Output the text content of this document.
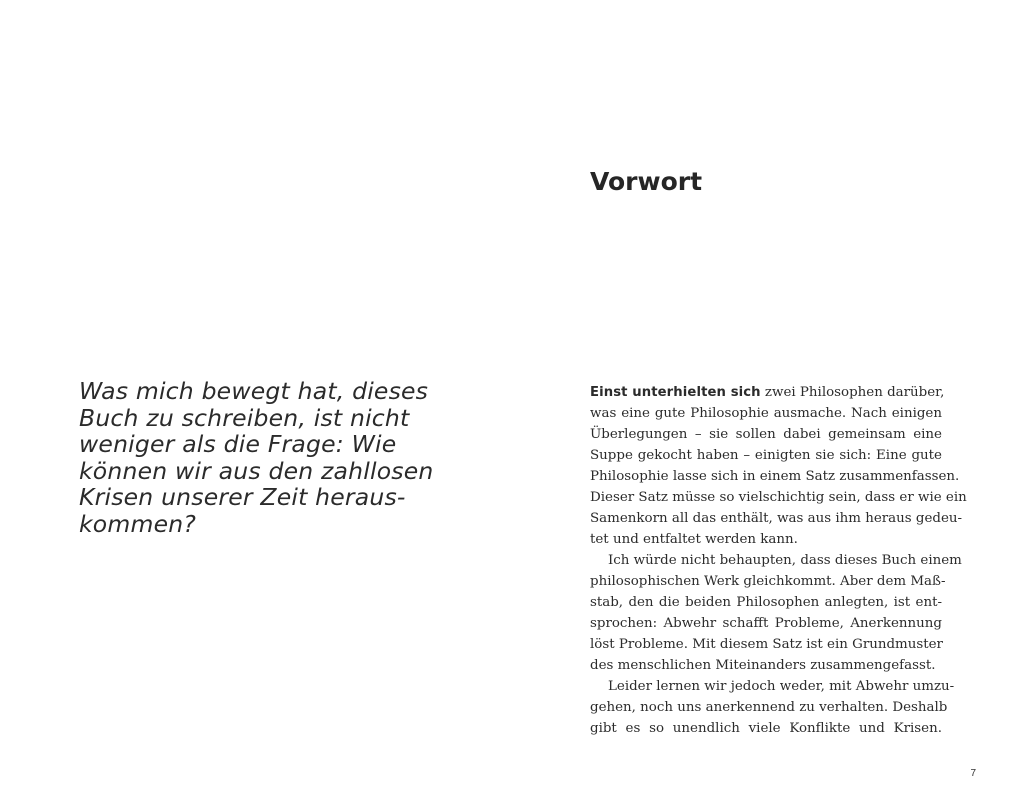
Was mich bewegt hat, dieses
Buch zu schreiben, ist nicht
weniger als die Frage: Wie
können wir aus den zahllosen
Krisen unserer Zeit heraus-
kommen?

Vorwort
Einst unterhielten sich zwei Philosophen darüber,
was eine gute Philosophie ausmache. Nach einigen
Überlegungen – sie sollen dabei gemeinsam eine
Suppe gekocht haben – einigten sie sich: Eine gute
Philosophie lasse sich in einem Satz zusammenfassen.
Dieser Satz müsse so vielschichtig sein, dass er wie ein
Samenkorn all das enthält, was aus ihm heraus gedeu-
tet und entfaltet werden kann.
Ich würde nicht behaupten, dass dieses Buch einem
philosophischen Werk gleichkommt. Aber dem Maß-
stab, den die beiden Philosophen anlegten, ist ent-
sprochen: Abwehr schafft Probleme, Anerkennung
löst Probleme. Mit diesem Satz ist ein Grundmuster
des menschlichen Miteinanders zusammengefasst.
Leider lernen wir jedoch weder, mit Abwehr umzu-
gehen, noch uns anerkennend zu verhalten. Deshalb
gibt es so unendlich viele Konflikte und Krisen.
7
